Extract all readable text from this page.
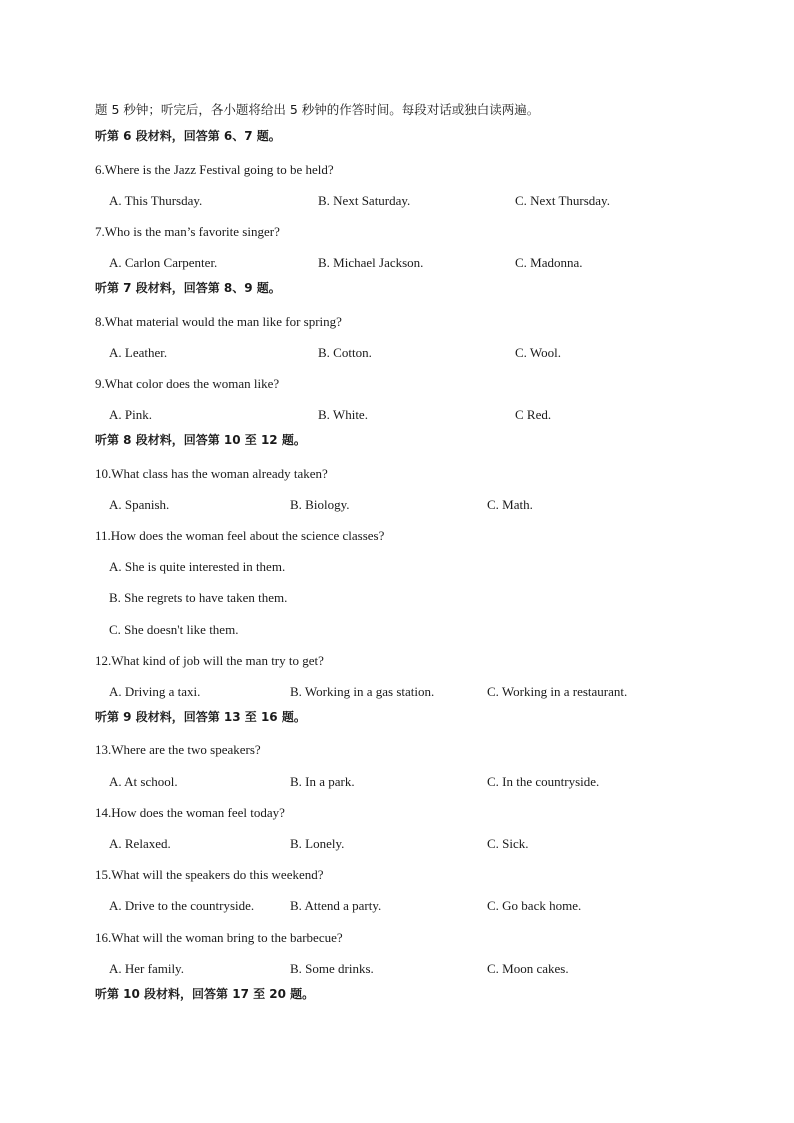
题 5 秒钟；听完后，各小题将给出 5 秒钟的作答时间。每段对话或独白读两遍。
听第 6 段材料，回答第 6、7 题。
6.Where is the Jazz Festival going to be held?
A. This Thursday.	B. Next Saturday.	C. Next Thursday.
7.Who is the man’s favorite singer?
A. Carlon Carpenter.	B. Michael Jackson.	C. Madonna.
听第 7 段材料，回答第 8、9 题。
8.What material would the man like for spring?
A. Leather.	B. Cotton.	C. Wool.
9.What color does the woman like?
A. Pink.	B. White.	C Red.
听第 8 段材料，回答第 10 至 12 题。
10.What class has the woman already taken?
A. Spanish.	B. Biology.	C. Math.
11.How does the woman feel about the science classes?
A. She is quite interested in them.
B. She regrets to have taken them.
C. She doesn't like them.
12.What kind of job will the man try to get?
A. Driving a taxi.	B. Working in a gas station.	C. Working in a restaurant.
听第 9 段材料，回答第 13 至 16 题。
13.Where are the two speakers?
A. At school.	B. In a park.	C. In the countryside.
14.How does the woman feel today?
A. Relaxed.	B. Lonely.	C. Sick.
15.What will the speakers do this weekend?
A. Drive to the countryside.	B. Attend a party.	C. Go back home.
16.What will the woman bring to the barbecue?
A. Her family.	B. Some drinks.	C. Moon cakes.
听第 10 段材料，回答第 17 至 20 题。
